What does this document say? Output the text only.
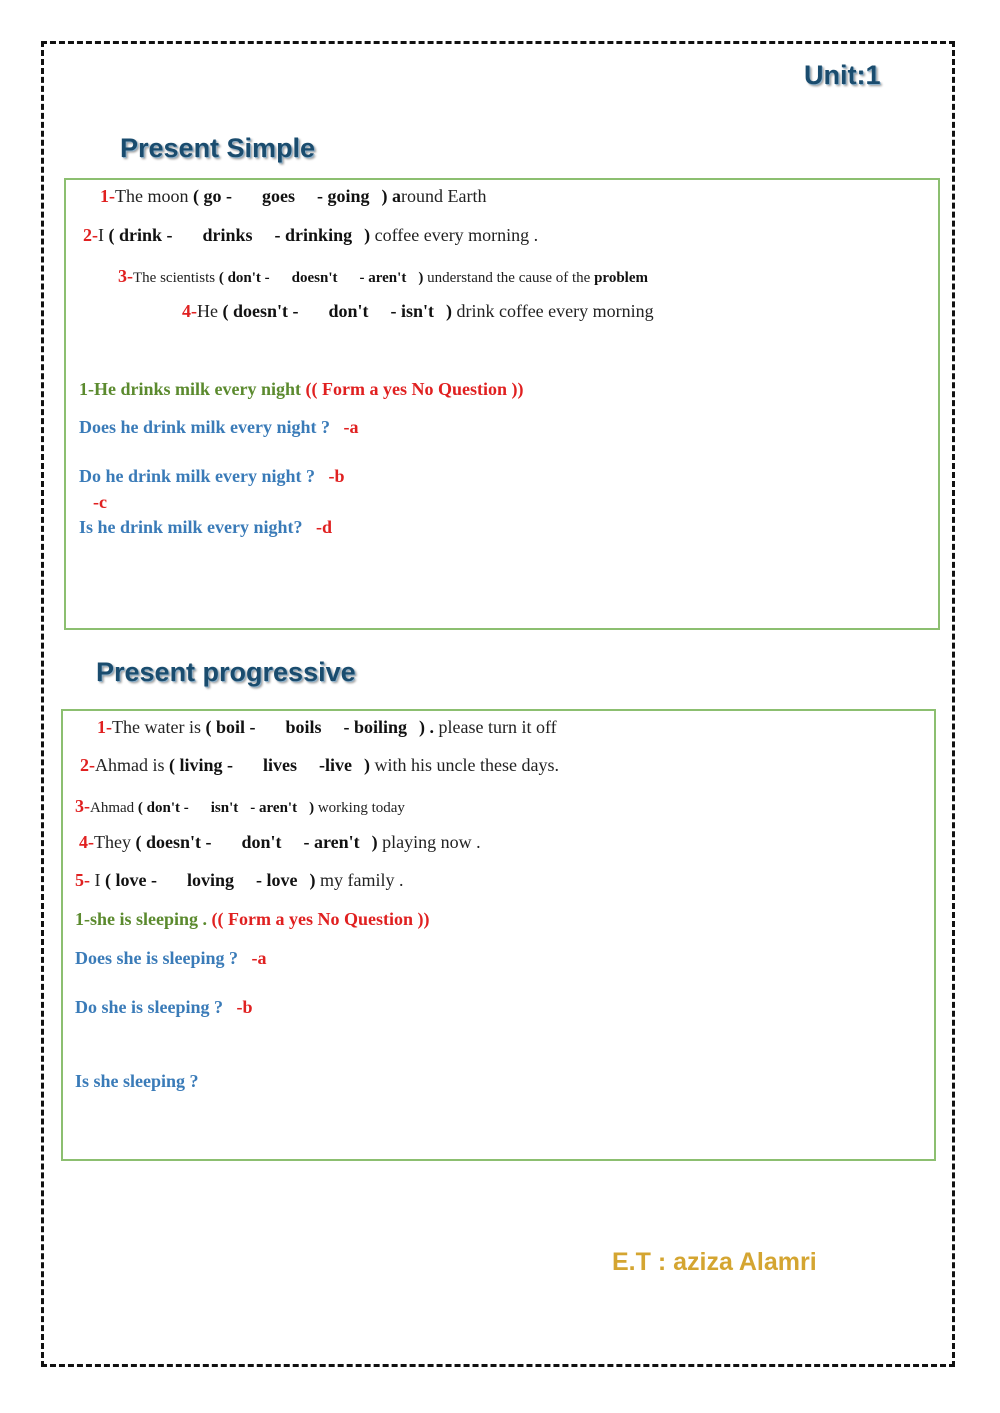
Unit:1
Present Simple
1-The moon ( go - goes - going ) around Earth
2-I ( drink - drinks - drinking ) coffee every morning .
3-The scientists ( don't - doesn't - aren't ) understand the cause of the problem
4-He ( doesn't - don't - isn't ) drink coffee every morning
1-He drinks milk every night (( Form a yes No Question ))
Does he drink milk every night ? -a
Do he drink milk every night ? -b
-c
Is he drink milk every night? -d
Present progressive
1-The water is ( boil - boils - boiling ) . please turn it off
2-Ahmad is ( living - lives -live ) with his uncle these days.
3-Ahmad ( don't - isn't - aren't ) working today
4-They ( doesn't - don't - aren't ) playing now .
5- I ( love - loving - love ) my family .
1-she is sleeping . (( Form a yes No Question ))
Does she is sleeping ? -a
Do she is sleeping ? -b
Is she sleeping ?
E.T : aziza Alamri
